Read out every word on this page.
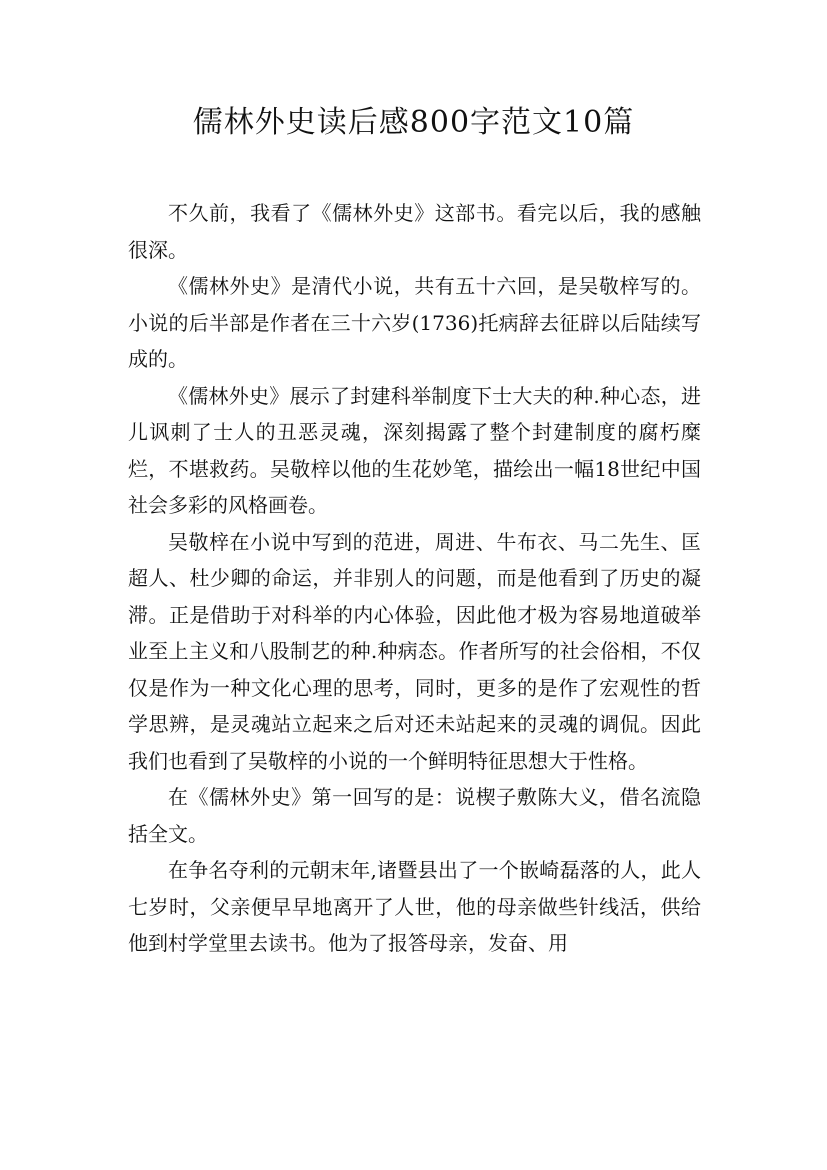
儒林外史读后感800字范文10篇

不久前，我看了《儒林外史》这部书。看完以后，我的感触很深。

《儒林外史》是清代小说，共有五十六回，是吴敬梓写的。小说的后半部是作者在三十六岁(1736)托病辞去征辟以后陆续写成的。

《儒林外史》展示了封建科举制度下士大夫的种.种心态，进儿讽刺了士人的丑恶灵魂，深刻揭露了整个封建制度的腐朽糜烂，不堪救药。吴敬梓以他的生花妙笔，描绘出一幅18世纪中国社会多彩的风格画卷。

吴敬梓在小说中写到的范进，周进、牛布衣、马二先生、匡超人、杜少卿的命运，并非别人的问题，而是他看到了历史的凝滞。正是借助于对科举的内心体验，因此他才极为容易地道破举业至上主义和八股制艺的种.种病态。作者所写的社会俗相，不仅仅是作为一种文化心理的思考，同时，更多的是作了宏观性的哲学思辨，是灵魂站立起来之后对还未站起来的灵魂的调侃。因此我们也看到了吴敬梓的小说的一个鲜明特征思想大于性格。

在《儒林外史》第一回写的是：说楔子敷陈大义，借名流隐括全文。

在争名夺利的元朝末年,诸暨县出了一个嵌崎磊落的人，此人七岁时，父亲便早早地离开了人世，他的母亲做些针线活，供给他到村学堂里去读书。他为了报答母亲，发奋、用
